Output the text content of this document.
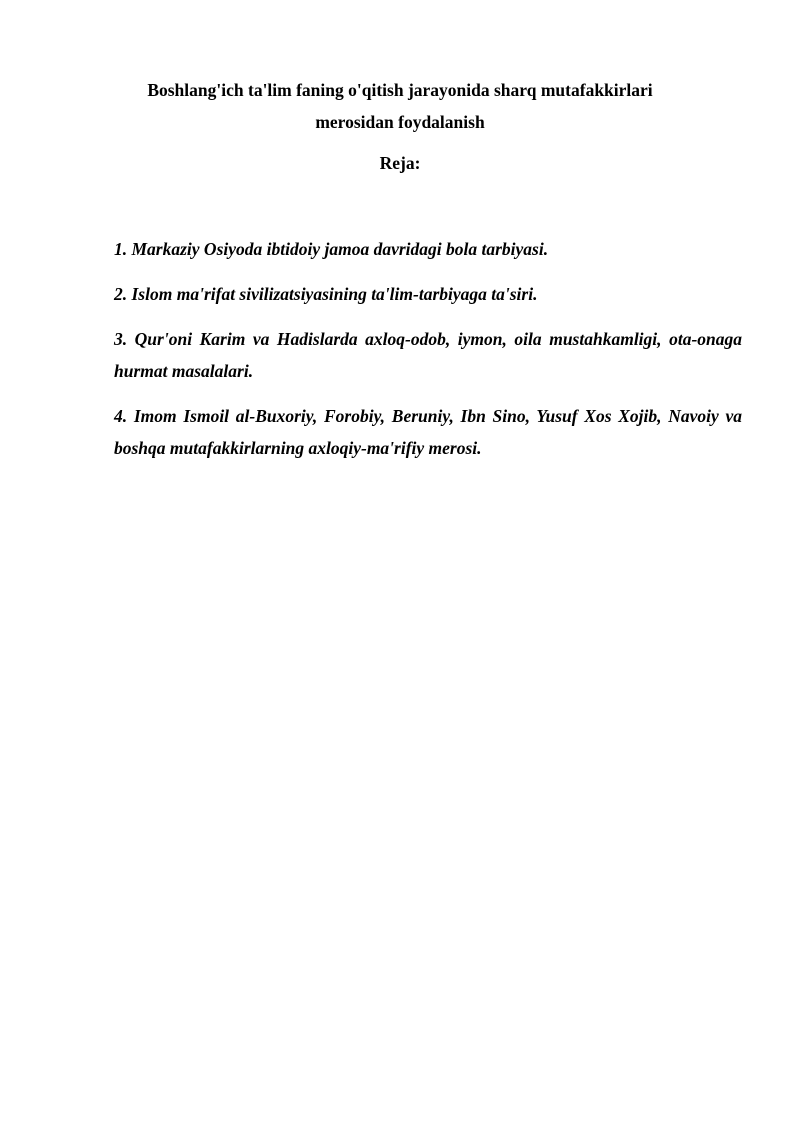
Boshlang'ich ta'lim faning o'qitish jarayonida sharq mutafakkirlari merosidan foydalanish
Reja:
1. Markaziy Osiyoda ibtidoiy jamoa davridagi bola tarbiyasi.
2. Islom ma'rifat sivilizatsiyasining ta'lim-tarbiyaga ta'siri.
3. Qur'oni Karim va Hadislarda axloq-odob, iymon, oila mustahkamligi, ota-onaga hurmat masalalari.
4. Imom Ismoil al-Buxoriy, Forobiy, Beruniy, Ibn Sino, Yusuf Xos Xojib, Navoiy va boshqa mutafakkirlarning axloqiy-ma'rifiy merosi.
